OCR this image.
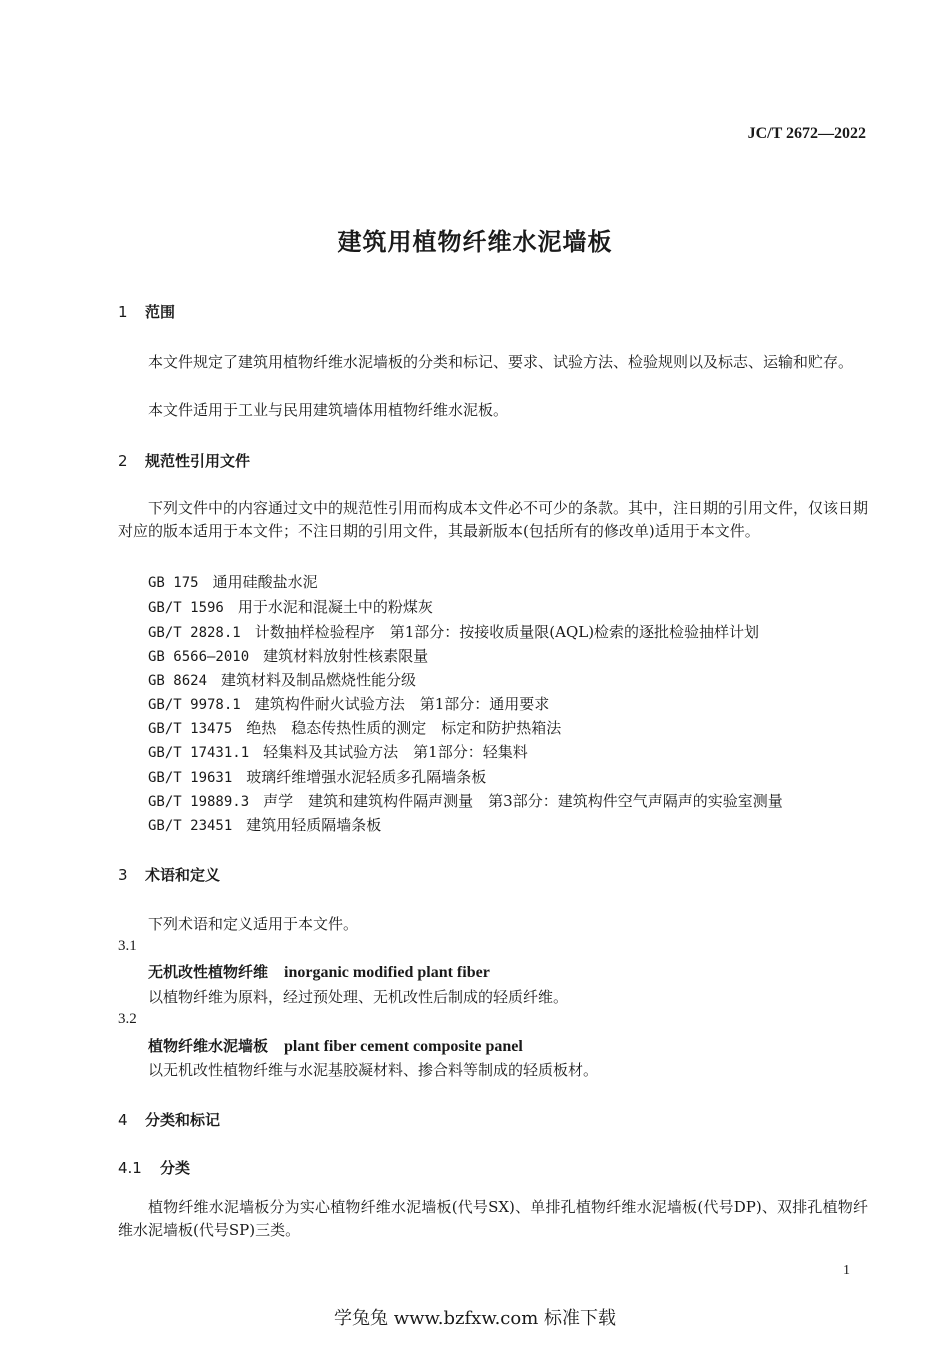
JC/T 2672—2022
建筑用植物纤维水泥墙板
1 范围
本文件规定了建筑用植物纤维水泥墙板的分类和标记、要求、试验方法、检验规则以及标志、运输和贮存。
本文件适用于工业与民用建筑墙体用植物纤维水泥板。
2 规范性引用文件
下列文件中的内容通过文中的规范性引用而构成本文件必不可少的条款。其中，注日期的引用文件，仅该日期对应的版本适用于本文件；不注日期的引用文件，其最新版本(包括所有的修改单)适用于本文件。
GB 175 通用硅酸盐水泥
GB/T 1596 用于水泥和混凝土中的粉煤灰
GB/T 2828.1 计数抽样检验程序　第1部分：按接收质量限(AQL)检索的逐批检验抽样计划
GB 6566—2010 建筑材料放射性核素限量
GB 8624 建筑材料及制品燃烧性能分级
GB/T 9978.1 建筑构件耐火试验方法　第1部分：通用要求
GB/T 13475 绝热　稳态传热性质的测定　标定和防护热箱法
GB/T 17431.1 轻集料及其试验方法　第1部分：轻集料
GB/T 19631 玻璃纤维增强水泥轻质多孔隔墙条板
GB/T 19889.3 声学　建筑和建筑构件隔声测量　第3部分：建筑构件空气声隔声的实验室测量
GB/T 23451 建筑用轻质隔墙条板
3 术语和定义
下列术语和定义适用于本文件。
3.1
无机改性植物纤维 inorganic modified plant fiber
以植物纤维为原料，经过预处理、无机改性后制成的轻质纤维。
3.2
植物纤维水泥墙板 plant fiber cement composite panel
以无机改性植物纤维与水泥基胶凝材料、掺合料等制成的轻质板材。
4 分类和标记
4.1 分类
植物纤维水泥墙板分为实心植物纤维水泥墙板(代号SX)、单排孔植物纤维水泥墙板(代号DP)、双排孔植物纤维水泥墙板(代号SP)三类。
1
学兔兔 www.bzfxw.com 标准下载
